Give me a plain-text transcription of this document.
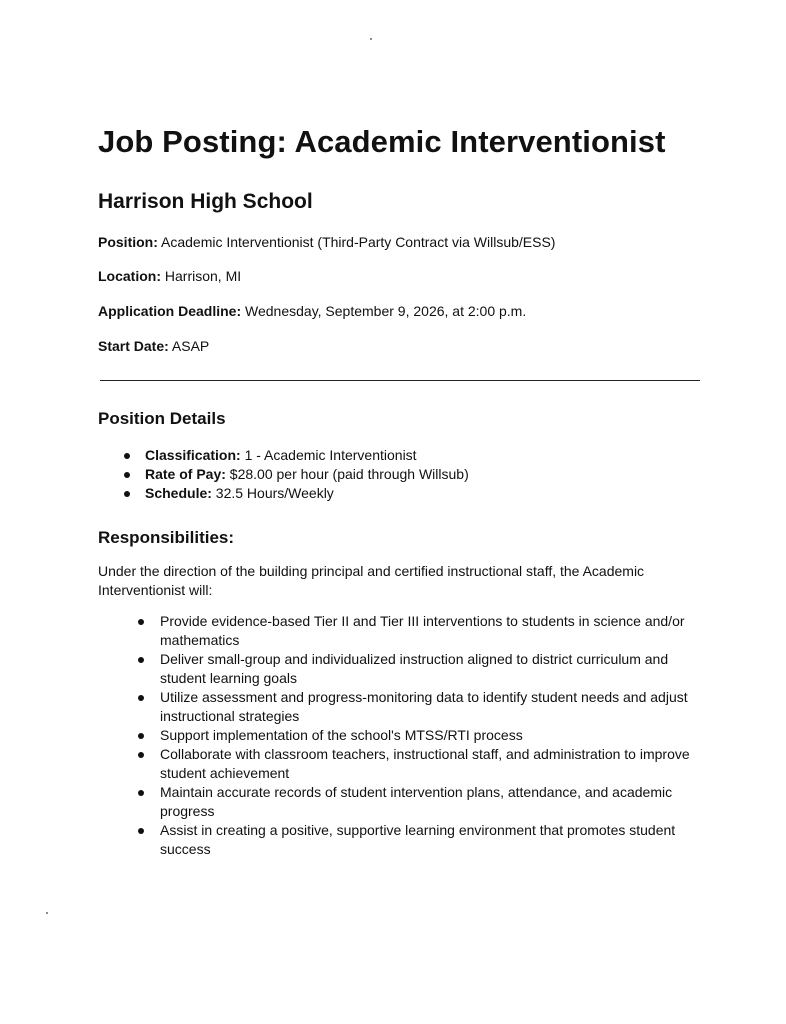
Job Posting: Academic Interventionist
Harrison High School

Position: Academic Interventionist (Third-Party Contract via Willsub/ESS)

Location: Harrison, MI

Application Deadline: Wednesday, September 9, 2026, at 2:00 p.m.

Start Date: ASAP

Position Details
Classification: 1 - Academic Interventionist
Rate of Pay: $28.00 per hour (paid through Willsub)
Schedule: 32.5 Hours/Weekly
Responsibilities:

Under the direction of the building principal and certified instructional staff, the Academic Interventionist will:

Provide evidence-based Tier II and Tier III interventions to students in science and/or mathematics
Deliver small-group and individualized instruction aligned to district curriculum and student learning goals
Utilize assessment and progress-monitoring data to identify student needs and adjust instructional strategies
Support implementation of the school's MTSS/RTI process
Collaborate with classroom teachers, instructional staff, and administration to improve student achievement
Maintain accurate records of student intervention plans, attendance, and academic progress
Assist in creating a positive, supportive learning environment that promotes student success
